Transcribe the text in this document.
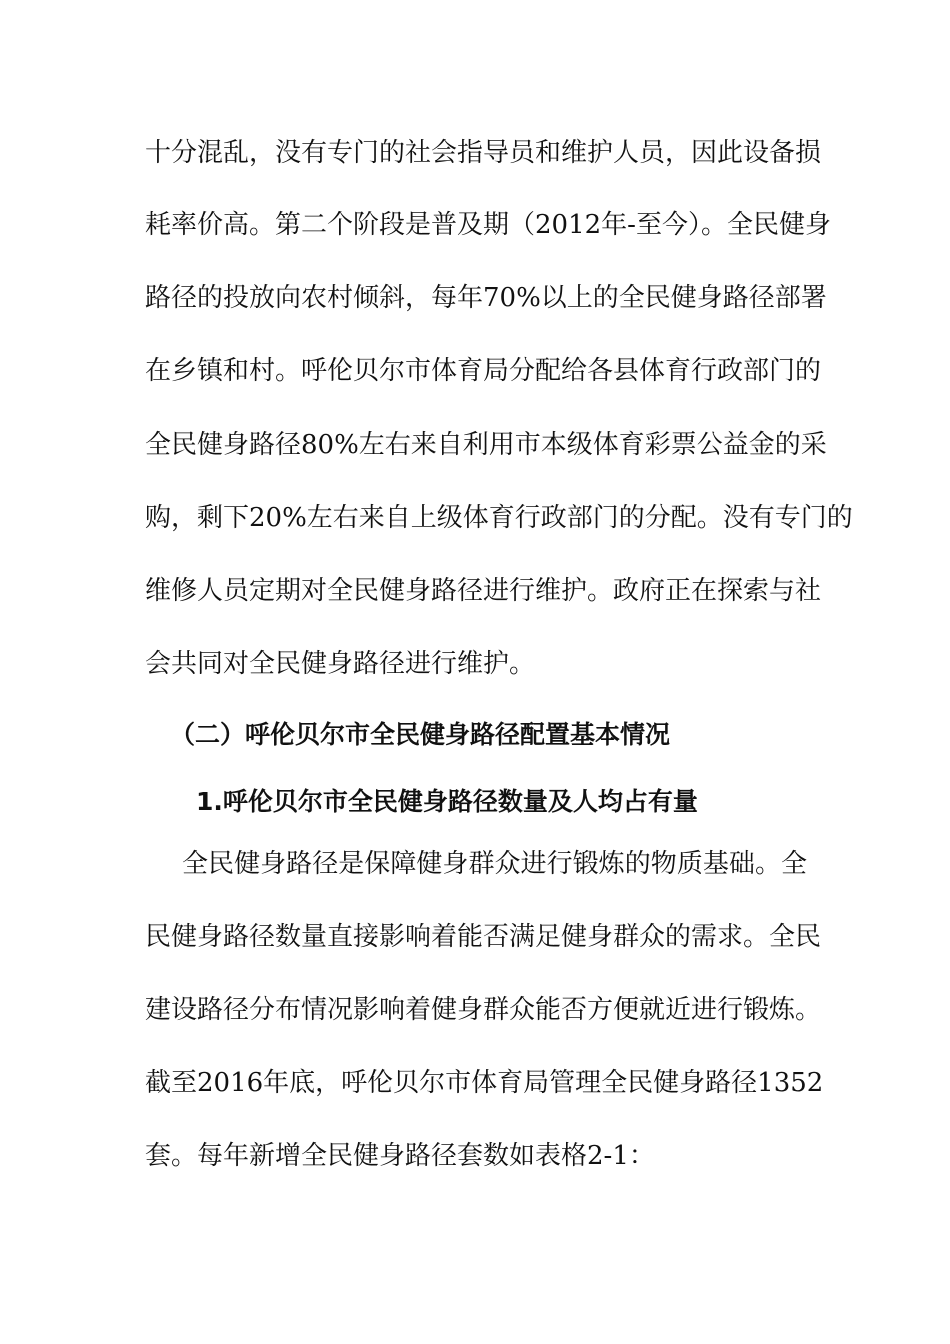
十分混乱，没有专门的社会指导员和维护人员，因此设备损
耗率价高。第二个阶段是普及期（2012年-至今）。全民健身
路径的投放向农村倾斜，每年70%以上的全民健身路径部署
在乡镇和村。呼伦贝尔市体育局分配给各县体育行政部门的
全民健身路径80%左右来自利用市本级体育彩票公益金的采
购，剩下20%左右来自上级体育行政部门的分配。没有专门的
维修人员定期对全民健身路径进行维护。政府正在探索与社
会共同对全民健身路径进行维护。
（二）呼伦贝尔市全民健身路径配置基本情况
1.呼伦贝尔市全民健身路径数量及人均占有量
全民健身路径是保障健身群众进行锻炼的物质基础。全
民健身路径数量直接影响着能否满足健身群众的需求。全民
建设路径分布情况影响着健身群众能否方便就近进行锻炼。
截至2016年底，呼伦贝尔市体育局管理全民健身路径1352
套。每年新增全民健身路径套数如表格2-1：
